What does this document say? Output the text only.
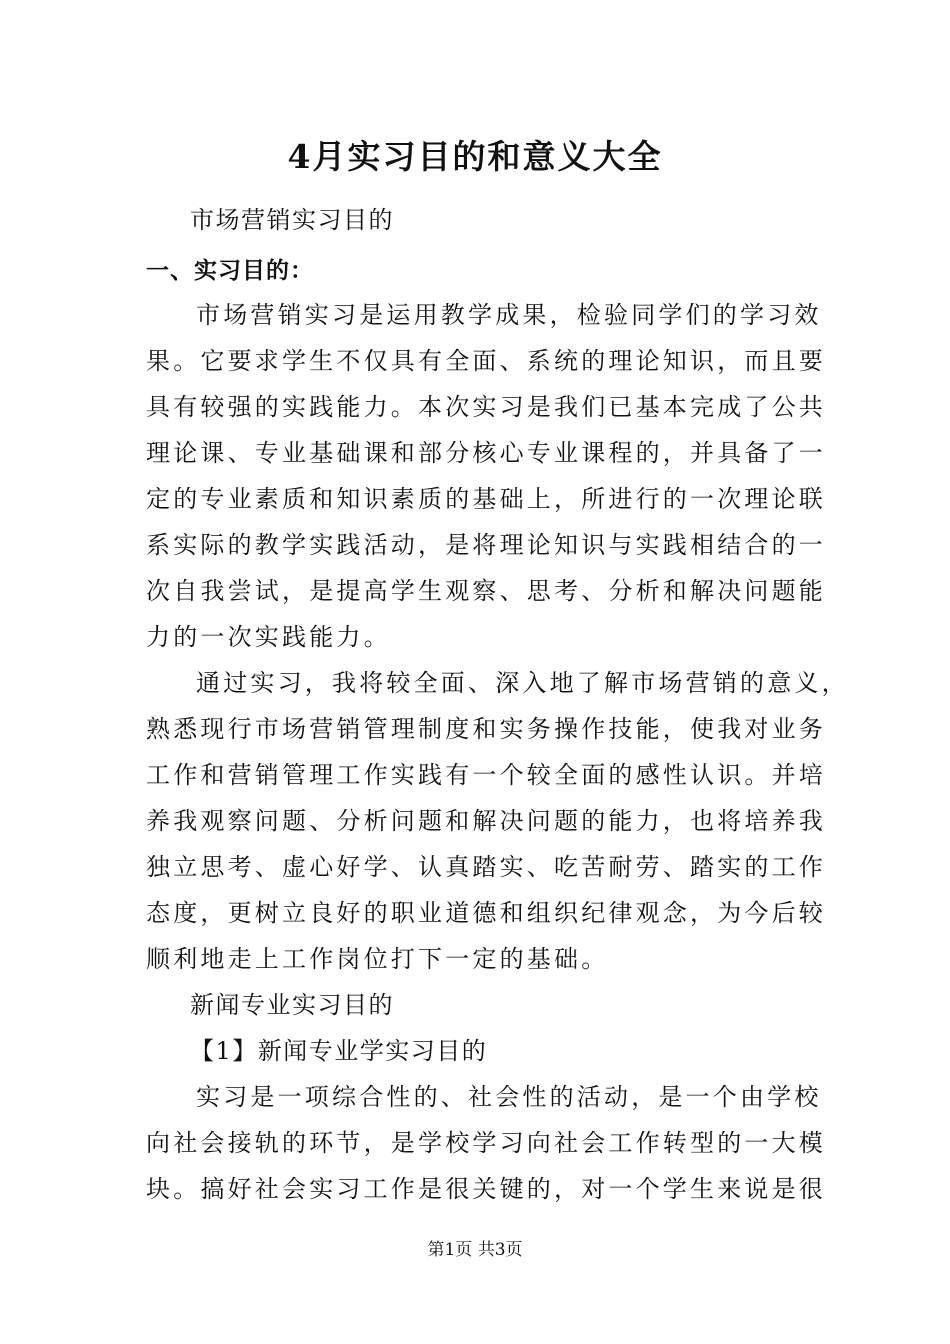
4月实习目的和意义大全
市场营销实习目的
一、实习目的：
市场营销实习是运用教学成果，检验同学们的学习效
果。它要求学生不仅具有全面、系统的理论知识，而且要
具有较强的实践能力。本次实习是我们已基本完成了公共
理论课、专业基础课和部分核心专业课程的，并具备了一
定的专业素质和知识素质的基础上，所进行的一次理论联
系实际的教学实践活动，是将理论知识与实践相结合的一
次自我尝试，是提高学生观察、思考、分析和解决问题能
力的一次实践能力。
通过实习，我将较全面、深入地了解市场营销的意义，
熟悉现行市场营销管理制度和实务操作技能，使我对业务
工作和营销管理工作实践有一个较全面的感性认识。并培
养我观察问题、分析问题和解决问题的能力，也将培养我
独立思考、虚心好学、认真踏实、吃苦耐劳、踏实的工作
态度，更树立良好的职业道德和组织纪律观念，为今后较
顺利地走上工作岗位打下一定的基础。
新闻专业实习目的
【1】新闻专业学实习目的
实习是一项综合性的、社会性的活动，是一个由学校
向社会接轨的环节，是学校学习向社会工作转型的一大模
块。搞好社会实习工作是很关键的，对一个学生来说是很
第1页 共3页
